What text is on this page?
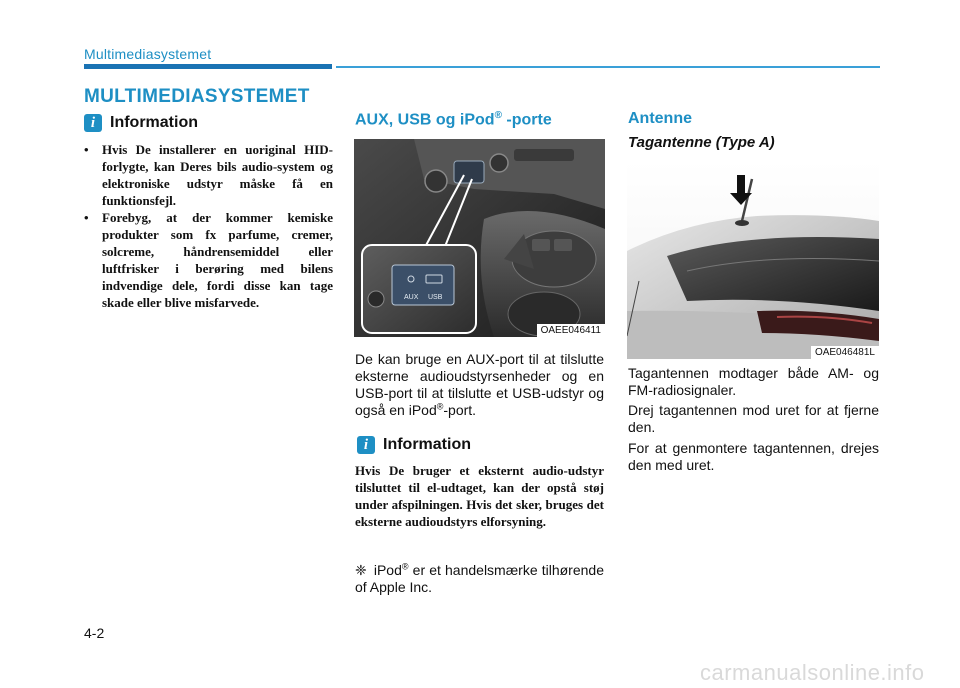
Multimediasystemet
MULTIMEDIASYSTEMET
i Information
• Hvis De installerer en uoriginal HID-forlygte, kan Deres bils audio-system og elektroniske udstyr måske få en funktionsfejl.
• Forebyg, at der kommer kemiske produkter som fx parfume, cremer, solcreme, håndrensemiddel eller luftfrisker i berøring med bilens indvendige dele, fordi disse kan tage skade eller blive misfarvede.
AUX, USB og iPod® -porte
AUX USB
OAEE046411

De kan bruge en AUX-port til at tilslutte eksterne audioudstyrsenheder og en USB-port til at tilslutte et USB-udstyr og også en iPod®-port.

i Information

Hvis De bruger et eksternt audio-udstyr tilsluttet til el-udtaget, kan der opstå støj under afspilningen. Hvis det sker, bruges det eksterne audioudstyrs elforsyning.

❈ iPod® er et handelsmærke tilhørende of Apple Inc.
Antenne
Tagantenne (Type A)
OAE046481L

Tagantennen modtager både AM- og FM-radiosignaler.

Drej tagantennen mod uret for at fjerne den.

For at genmontere tagantennen, drejes den med uret.

4-2
carmanualsonline.info
